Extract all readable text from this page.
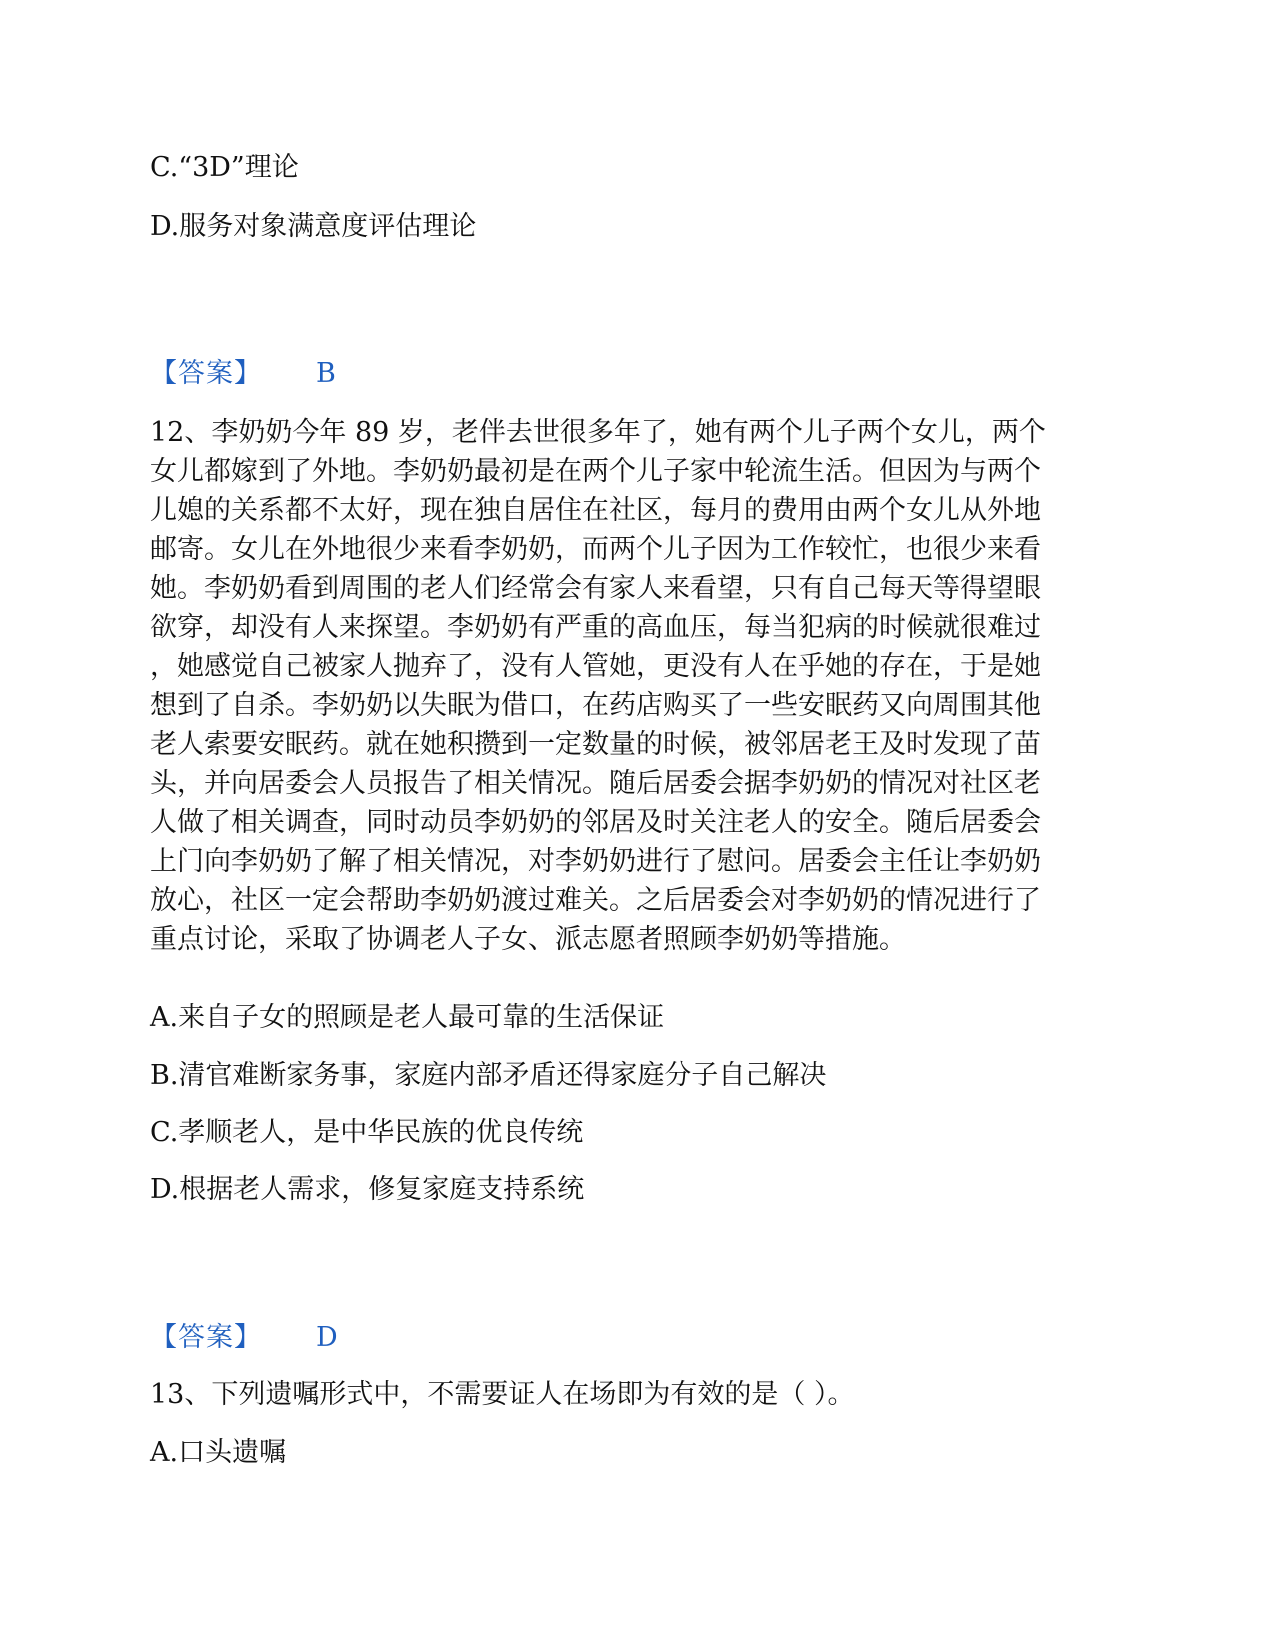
C.“3D”理论
D.服务对象满意度评估理论
【答案】 B
12、李奶奶今年 89 岁，老伴去世很多年了，她有两个儿子两个女儿，两个
女儿都嫁到了外地。李奶奶最初是在两个儿子家中轮流生活。但因为与两个
儿媳的关系都不太好，现在独自居住在社区，每月的费用由两个女儿从外地
邮寄。女儿在外地很少来看李奶奶，而两个儿子因为工作较忙，也很少来看
她。李奶奶看到周围的老人们经常会有家人来看望，只有自己每天等得望眼
欲穿，却没有人来探望。李奶奶有严重的高血压，每当犯病的时候就很难过
，她感觉自己被家人抛弃了，没有人管她，更没有人在乎她的存在，于是她
想到了自杀。李奶奶以失眠为借口，在药店购买了一些安眠药又向周围其他
老人索要安眠药。就在她积攒到一定数量的时候，被邻居老王及时发现了苗
头，并向居委会人员报告了相关情况。随后居委会据李奶奶的情况对社区老
人做了相关调查，同时动员李奶奶的邻居及时关注老人的安全。随后居委会
上门向李奶奶了解了相关情况，对李奶奶进行了慰问。居委会主任让李奶奶
放心，社区一定会帮助李奶奶渡过难关。之后居委会对李奶奶的情况进行了
重点讨论，采取了协调老人子女、派志愿者照顾李奶奶等措施。
A.来自子女的照顾是老人最可靠的生活保证
B.清官难断家务事，家庭内部矛盾还得家庭分子自己解决
C.孝顺老人，是中华民族的优良传统
D.根据老人需求，修复家庭支持系统
【答案】 D
13、下列遗嘱形式中，不需要证人在场即为有效的是（ ）。
A.口头遗嘱
